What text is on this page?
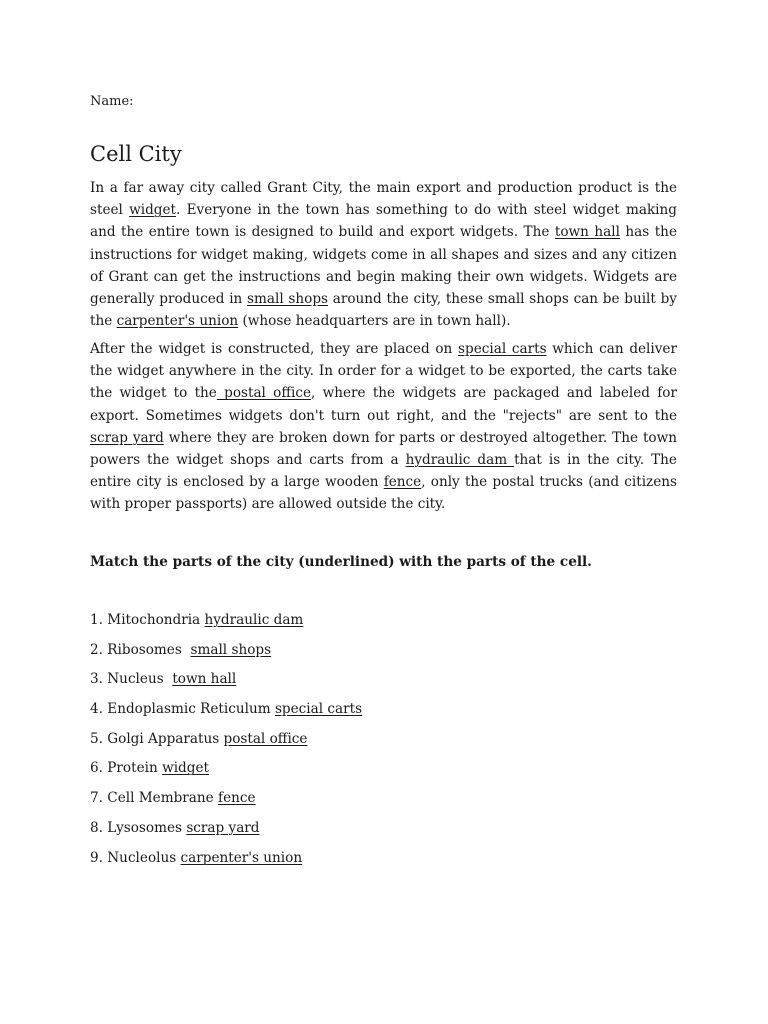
Name:
Cell City

In a far away city called Grant City, the main export and production product is the steel widget. Everyone in the town has something to do with steel widget making and the entire town is designed to build and export widgets. The town hall has the instructions for widget making, widgets come in all shapes and sizes and any citizen of Grant can get the instructions and begin making their own widgets. Widgets are generally produced in small shops around the city, these small shops can be built by the carpenter's union (whose headquarters are in town hall).

After the widget is constructed, they are placed on special carts which can deliver the widget anywhere in the city. In order for a widget to be exported, the carts take the widget to the postal office, where the widgets are packaged and labeled for export. Sometimes widgets don't turn out right, and the "rejects" are sent to the scrap yard where they are broken down for parts or destroyed altogether. The town powers the widget shops and carts from a hydraulic dam that is in the city. The entire city is enclosed by a large wooden fence, only the postal trucks (and citizens with proper passports) are allowed outside the city.

Match the parts of the city (underlined) with the parts of the cell.

1. Mitochondria hydraulic dam
2. Ribosomes  small shops
3. Nucleus  town hall
4. Endoplasmic Reticulum special carts
5. Golgi Apparatus postal office
6. Protein widget
7. Cell Membrane fence
8. Lysosomes scrap yard
9. Nucleolus carpenter's union
